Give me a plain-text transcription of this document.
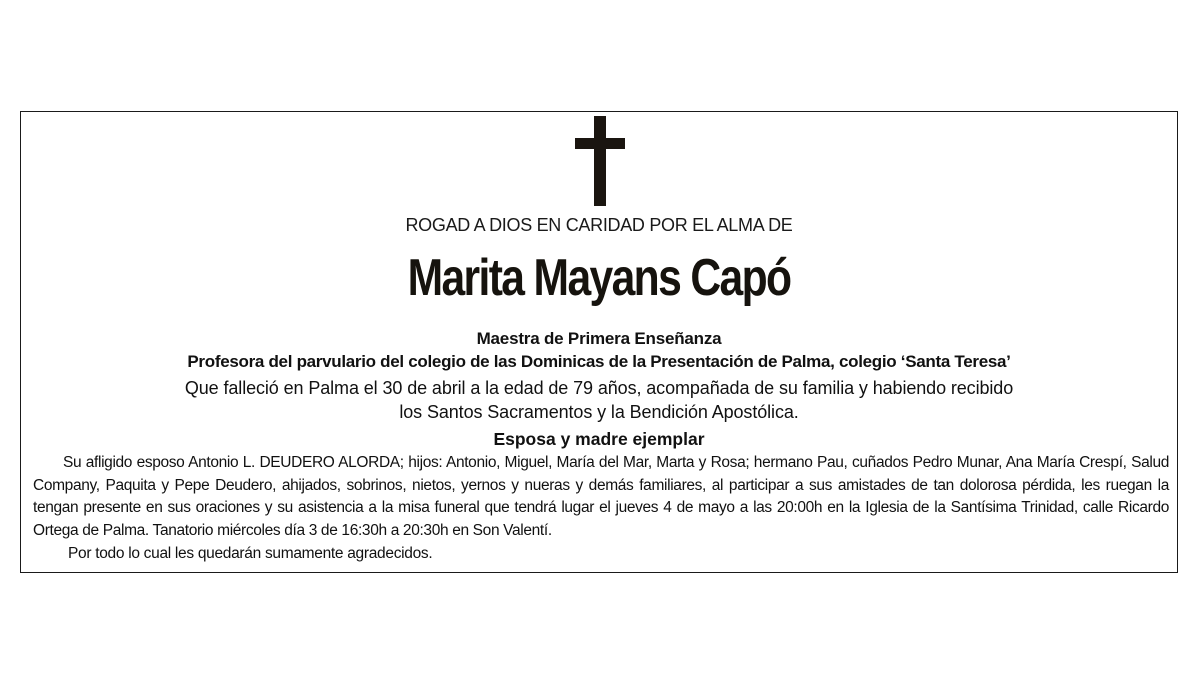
ROGAD A DIOS EN CARIDAD POR EL ALMA DE
Marita Mayans Capó
Maestra de Primera Enseñanza
Profesora del parvulario del colegio de las Dominicas de la Presentación de Palma, colegio ‘Santa Teresa’
Que falleció en Palma el 30 de abril a la edad de 79 años, acompañada de su familia y habiendo recibido
los Santos Sacramentos y la Bendición Apostólica.
Esposa y madre ejemplar

Su afligido esposo Antonio L. DEUDERO ALORDA; hijos: Antonio, Miguel, María del Mar, Marta y Rosa; hermano Pau, cuñados Pedro Munar, Ana María Crespí, Salud Company, Paquita y Pepe Deudero, ahijados, sobrinos, nietos, yernos y nueras y demás familiares, al participar a sus amistades de tan dolorosa pérdida, les ruegan la tengan presente en sus oraciones y su asistencia a la misa funeral que tendrá lugar el jueves 4 de mayo a las 20:00h en la Iglesia de la Santísima Trinidad, calle Ricardo Ortega de Palma. Tanatorio miércoles día 3 de 16:30h a 20:30h en Son Valentí.

Por todo lo cual les quedarán sumamente agradecidos.
